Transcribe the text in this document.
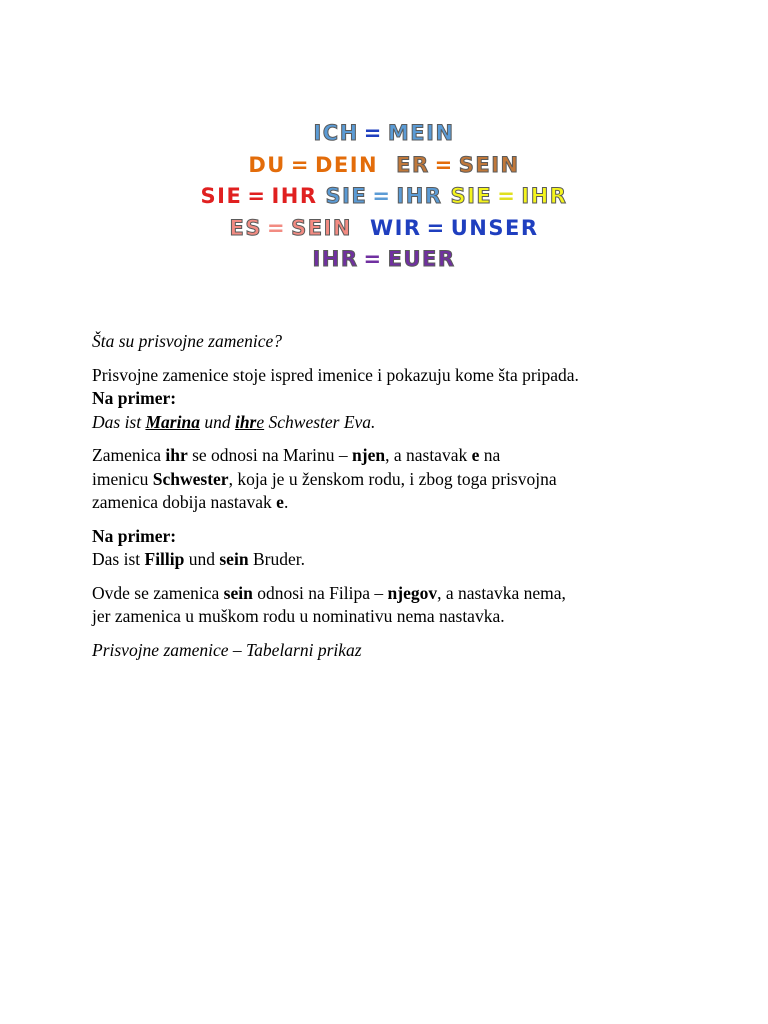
ICH = MEIN
DU = DEIN ER = SEIN
SIE = IHR SIE = IHR SIE = IHR
ES = SEIN WIR = UNSER
IHR = EUER

Šta su prisvojne zamenice?

Prisvojne zamenice stoje ispred imenice i pokazuju kome šta pripada.

Na primer:

Das ist Marina und ihre Schwester Eva.

Zamenica ihr se odnosi na Marinu – njen, a nastavak e na
imenicu Schwester, koja je u ženskom rodu, i zbog toga prisvojna
zamenica dobija nastavak e.

Na primer:

Das ist Fillip und sein Bruder.

Ovde se zamenica sein odnosi na Filipa – njegov, a nastavka nema,
jer zamenica u muškom rodu u nominativu nema nastavka.

Prisvojne zamenice – Tabelarni prikaz
